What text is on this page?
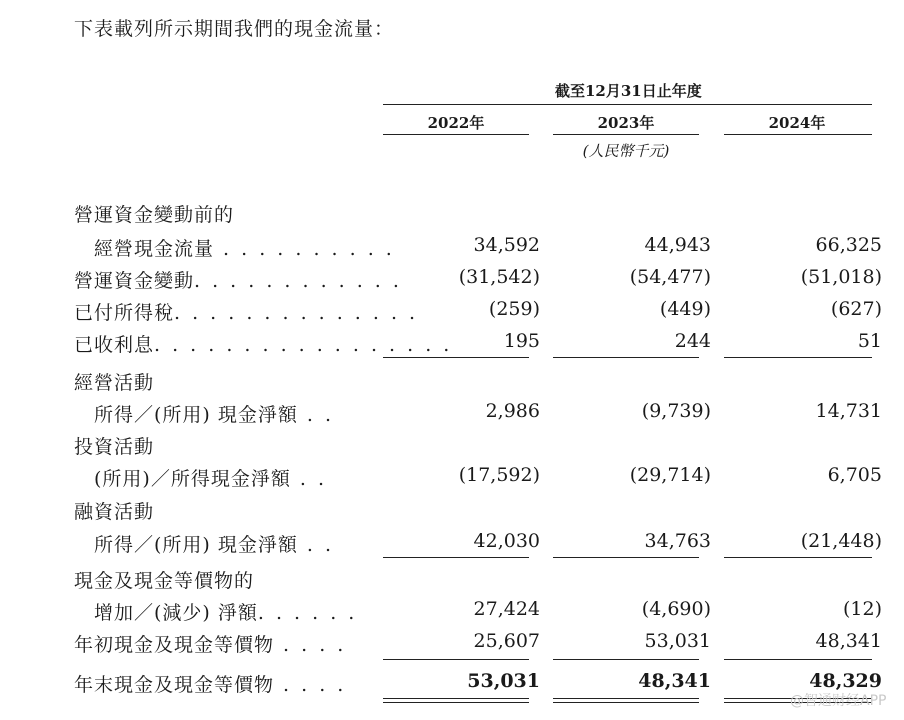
下表載列所示期間我們的現金流量：
截至12月31日止年度
2022年	2023年	2024年
(人民幣千元)
營運資金變動前的
經營現金流量 . . . . . . . . . .	34,592	44,943	66,325
營運資金變動. . . . . . . . . . . .	(31,542)	(54,477)	(51,018)
已付所得稅. . . . . . . . . . . . . .	(259)	(449)	(627)
已收利息. . . . . . . . . . . . . . . . .	195	244	51
經營活動
所得／(所用) 現金淨額 . .	2,986	(9,739)	14,731
投資活動
(所用)／所得現金淨額 . .	(17,592)	(29,714)	6,705
融資活動
所得／(所用) 現金淨額 . .	42,030	34,763	(21,448)
現金及現金等價物的
增加／(減少) 淨額. . . . . .	27,424	(4,690)	(12)
年初現金及現金等價物 . . . .	25,607	53,031	48,341
年末現金及現金等價物 . . . .	53,031	48,341	48,329
@智通财经APP
